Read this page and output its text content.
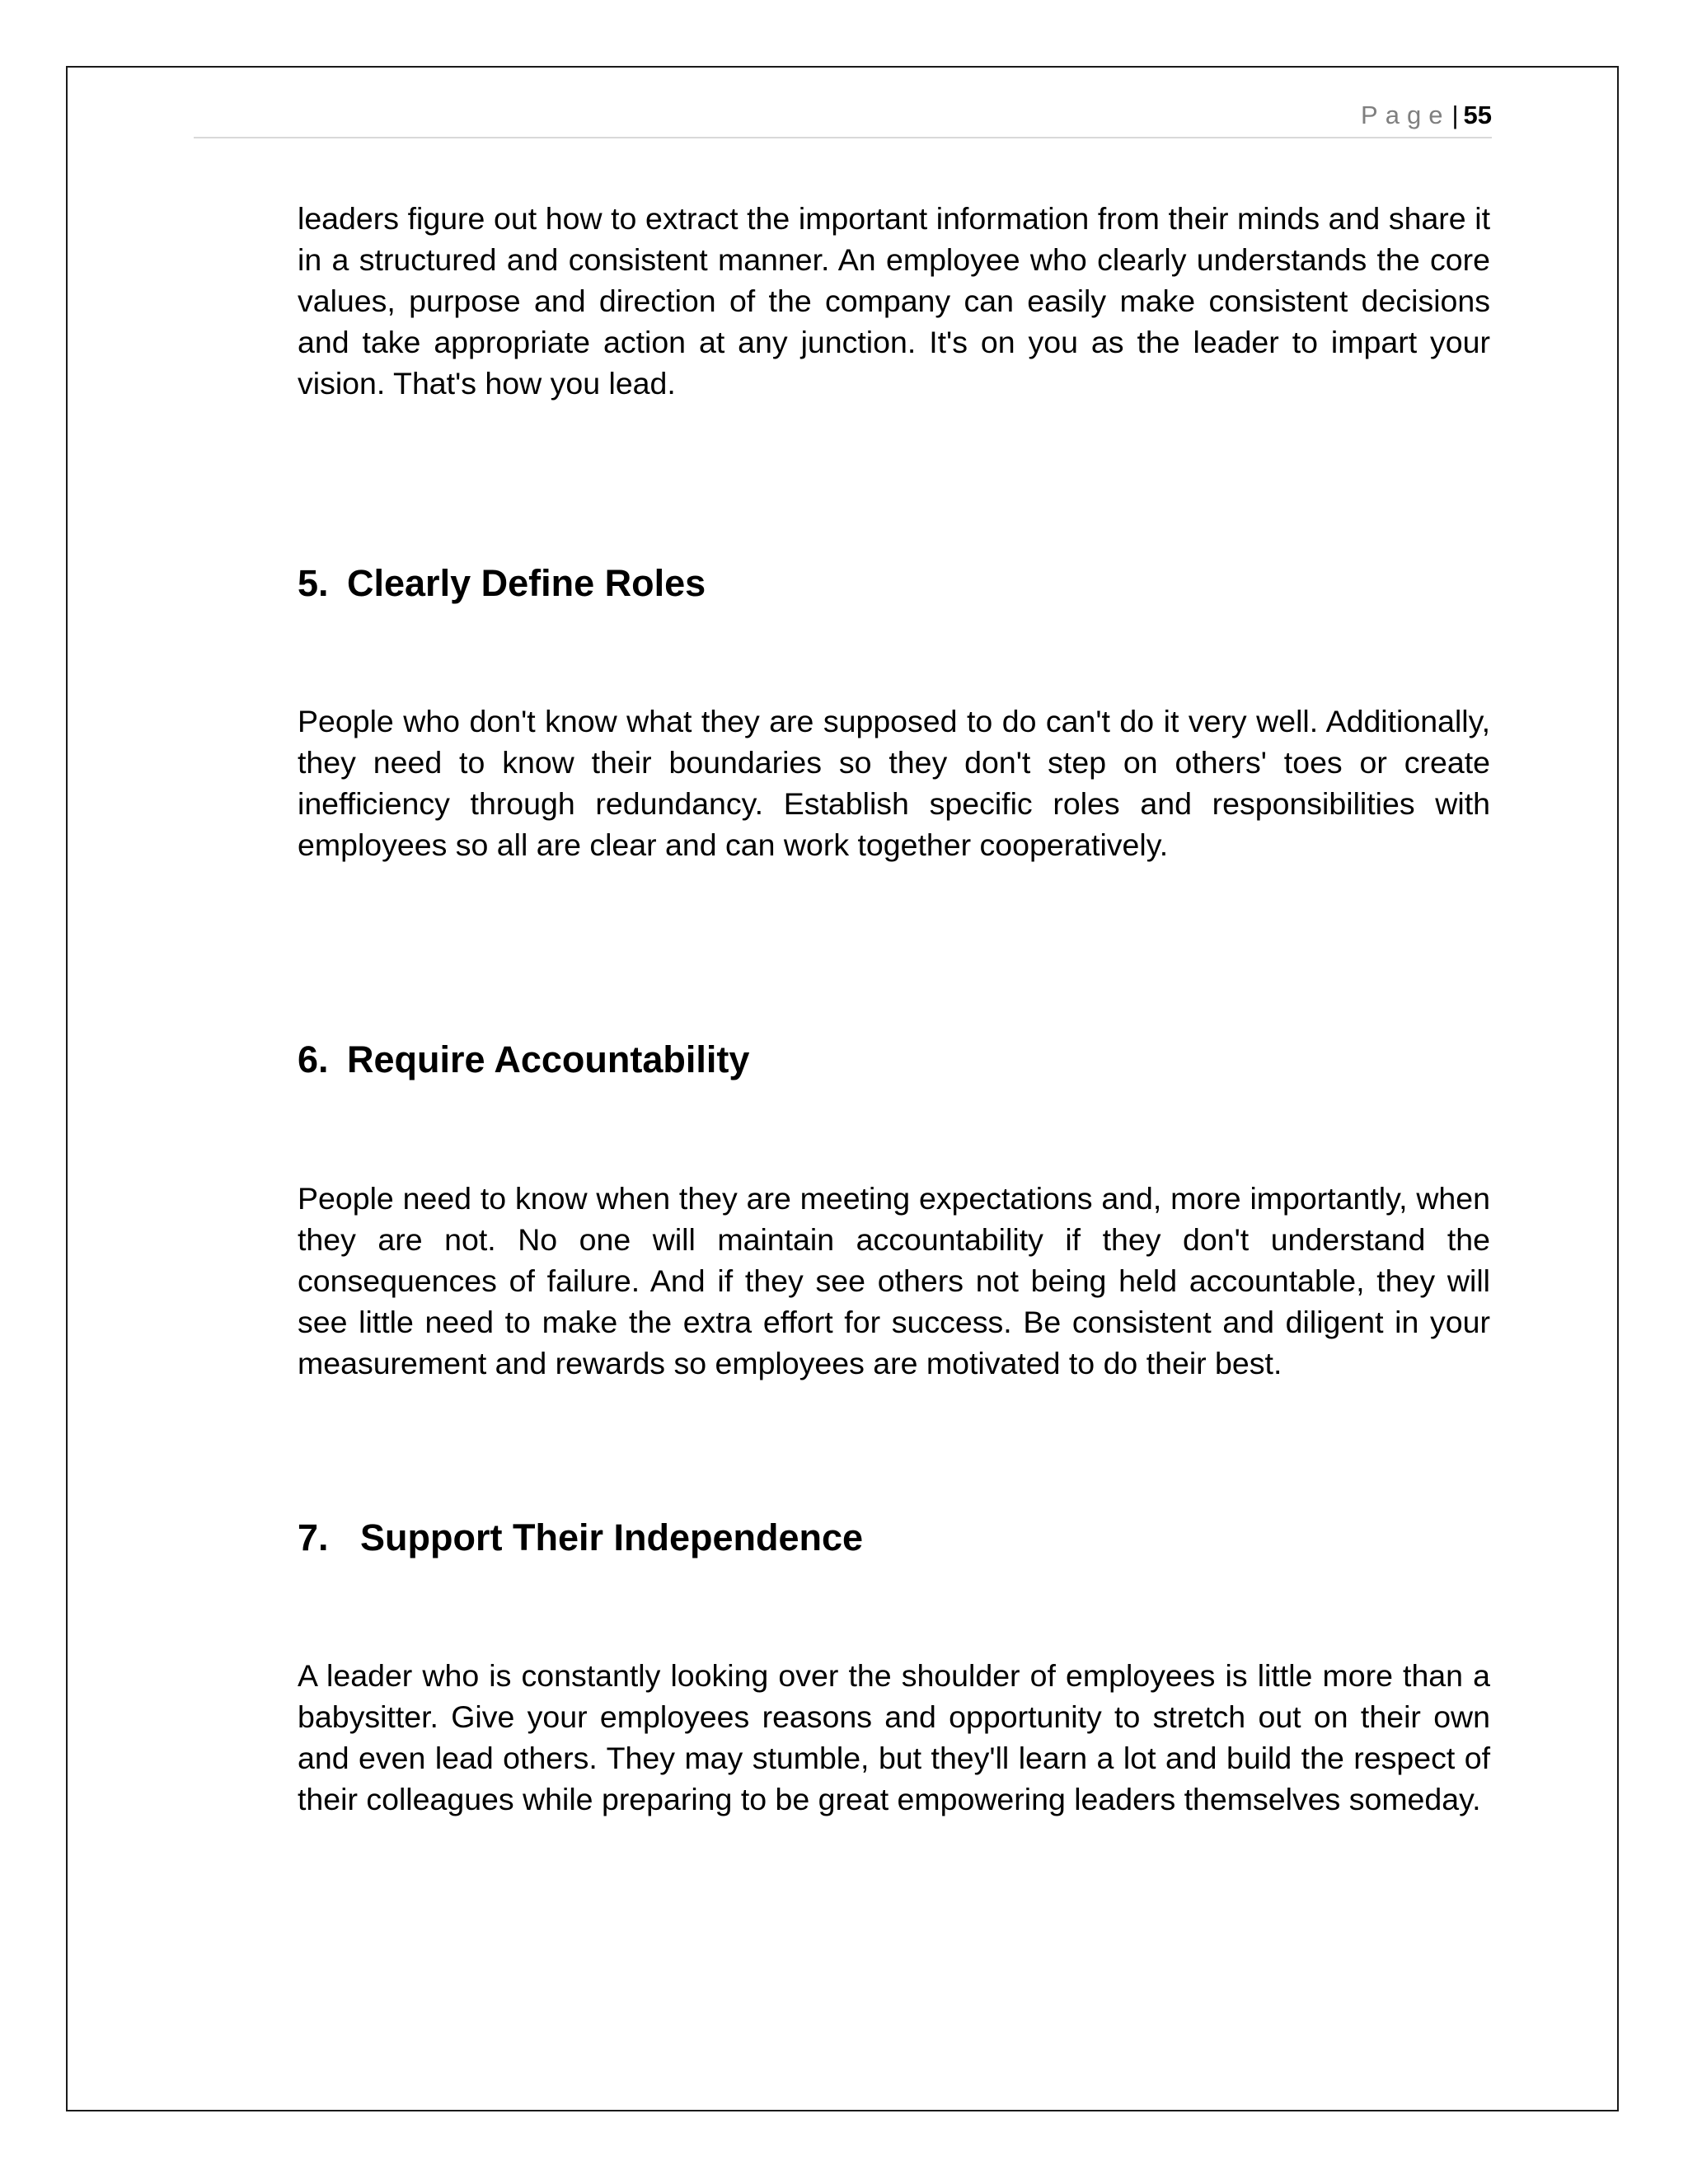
Page| 55

leaders figure out how to extract the important information from their minds and share it in a structured and consistent manner. An employee who clearly understands the core values, purpose and direction of the company can easily make consistent decisions and take appropriate action at any junction. It's on you as the leader to impart your vision. That's how you lead.

5. Clearly Define Roles

People who don't know what they are supposed to do can't do it very well. Additionally, they need to know their boundaries so they don't step on others' toes or create inefficiency through redundancy. Establish specific roles and responsibilities with employees so all are clear and can work together cooperatively.

6. Require Accountability

People need to know when they are meeting expectations and, more importantly, when they are not. No one will maintain accountability if they don't understand the consequences of failure. And if they see others not being held accountable, they will see little need to make the extra effort for success. Be consistent and diligent in your measurement and rewards so employees are motivated to do their best.

7. Support Their Independence

A leader who is constantly looking over the shoulder of employees is little more than a babysitter. Give your employees reasons and opportunity to stretch out on their own and even lead others. They may stumble, but they'll learn a lot and build the respect of their colleagues while preparing to be great empowering leaders themselves someday.
